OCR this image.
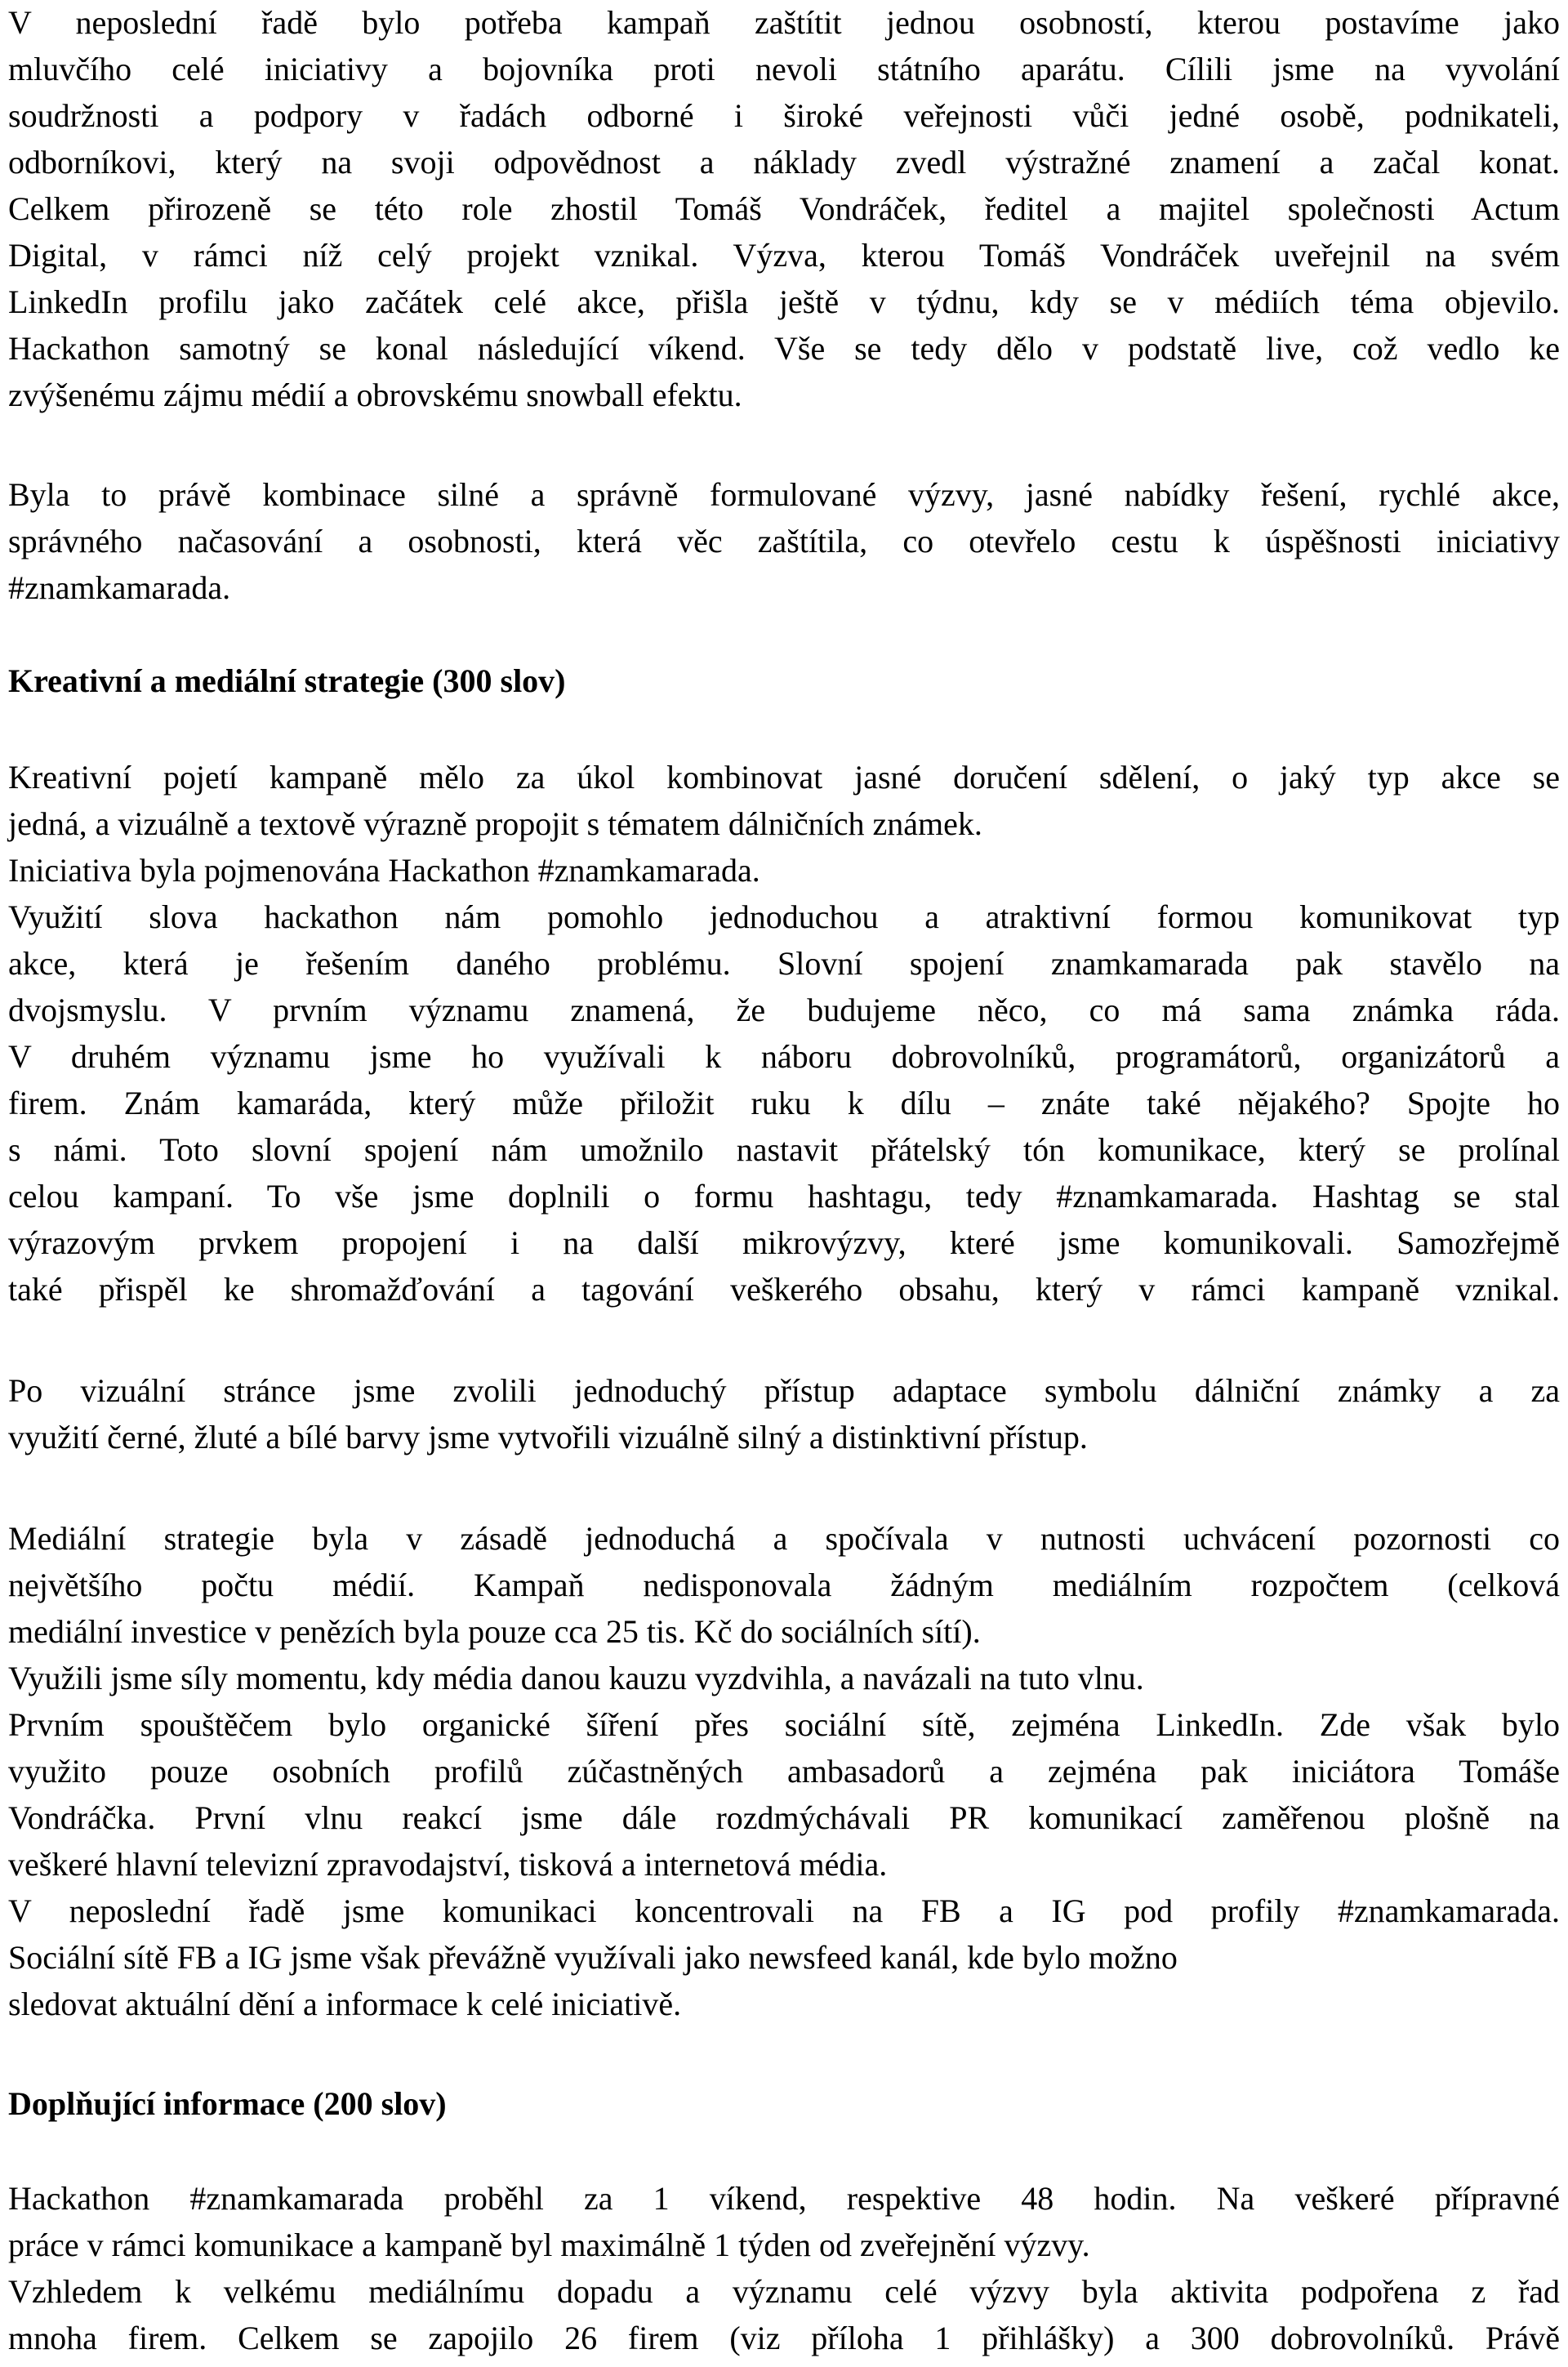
V neposlední řadě bylo potřeba kampaň zaštítit jednou osobností, kterou postavíme jako
mluvčího celé iniciativy a bojovníka proti nevoli státního aparátu. Cílili jsme na vyvolání
soudržnosti a podpory v řadách odborné i široké veřejnosti vůči jedné osobě, podnikateli,
odborníkovi, který na svoji odpovědnost a náklady zvedl výstražné znamení a začal konat.
Celkem přirozeně se této role zhostil Tomáš Vondráček, ředitel a majitel společnosti Actum
Digital, v rámci níž celý projekt vznikal. Výzva, kterou Tomáš Vondráček uveřejnil na svém
LinkedIn profilu jako začátek celé akce, přišla ještě v týdnu, kdy se v médiích téma objevilo.
Hackathon samotný se konal následující víkend. Vše se tedy dělo v podstatě live, což vedlo ke
zvýšenému zájmu médií a obrovskému snowball efektu.
Byla to právě kombinace silné a správně formulované výzvy, jasné nabídky řešení, rychlé akce,
správného načasování a osobnosti, která věc zaštítila, co otevřelo cestu k úspěšnosti iniciativy
#znamkamarada.
Kreativní a mediální strategie (300 slov)
Kreativní pojetí kampaně mělo za úkol kombinovat jasné doručení sdělení, o jaký typ akce se
jedná, a vizuálně a textově výrazně propojit s tématem dálničních známek.
Iniciativa byla pojmenována Hackathon #znamkamarada.
Využití slova hackathon nám pomohlo jednoduchou a atraktivní formou komunikovat typ
akce, která je řešením daného problému. Slovní spojení znamkamarada pak stavělo na
dvojsmyslu. V prvním významu znamená, že budujeme něco, co má sama známka ráda.
V druhém významu jsme ho využívali k náboru dobrovolníků, programátorů, organizátorů a
firem. Znám kamaráda, který může přiložit ruku k dílu – znáte také nějakého? Spojte ho
s námi. Toto slovní spojení nám umožnilo nastavit přátelský tón komunikace, který se prolínal
celou kampaní. To vše jsme doplnili o formu hashtagu, tedy #znamkamarada. Hashtag se stal
výrazovým prvkem propojení i na další mikrovýzvy, které jsme komunikovali. Samozřejmě
také přispěl ke shromažďování a tagování veškerého obsahu, který v rámci kampaně vznikal.
Po vizuální stránce jsme zvolili jednoduchý přístup adaptace symbolu dálniční známky a za
využití černé, žluté a bílé barvy jsme vytvořili vizuálně silný a distinktivní přístup.
Mediální strategie byla v zásadě jednoduchá a spočívala v nutnosti uchvácení pozornosti co
největšího počtu médií. Kampaň nedisponovala žádným mediálním rozpočtem (celková
mediální investice v penězích byla pouze cca 25 tis. Kč do sociálních sítí).
Využili jsme síly momentu, kdy média danou kauzu vyzdvihla, a navázali na tuto vlnu.
Prvním spouštěčem bylo organické šíření přes sociální sítě, zejména LinkedIn. Zde však bylo
využito pouze osobních profilů zúčastněných ambasadorů a zejména pak iniciátora Tomáše
Vondráčka. První vlnu reakcí jsme dále rozdmýchávali PR komunikací zaměřenou plošně na
veškeré hlavní televizní zpravodajství, tisková a internetová média.
V neposlední řadě jsme komunikaci koncentrovali na FB a IG pod profily #znamkamarada.
Sociální sítě FB a IG jsme však převážně využívali jako newsfeed kanál, kde bylo možno
sledovat aktuální dění a informace k celé iniciativě.
Doplňující informace (200 slov)
Hackathon #znamkamarada proběhl za 1 víkend, respektive 48 hodin. Na veškeré přípravné
práce v rámci komunikace a kampaně byl maximálně 1 týden od zveřejnění výzvy.
Vzhledem k velkému mediálnímu dopadu a významu celé výzvy byla aktivita podpořena z řad
mnoha firem. Celkem se zapojilo 26 firem (viz příloha 1 přihlášky) a 300 dobrovolníků. Právě
